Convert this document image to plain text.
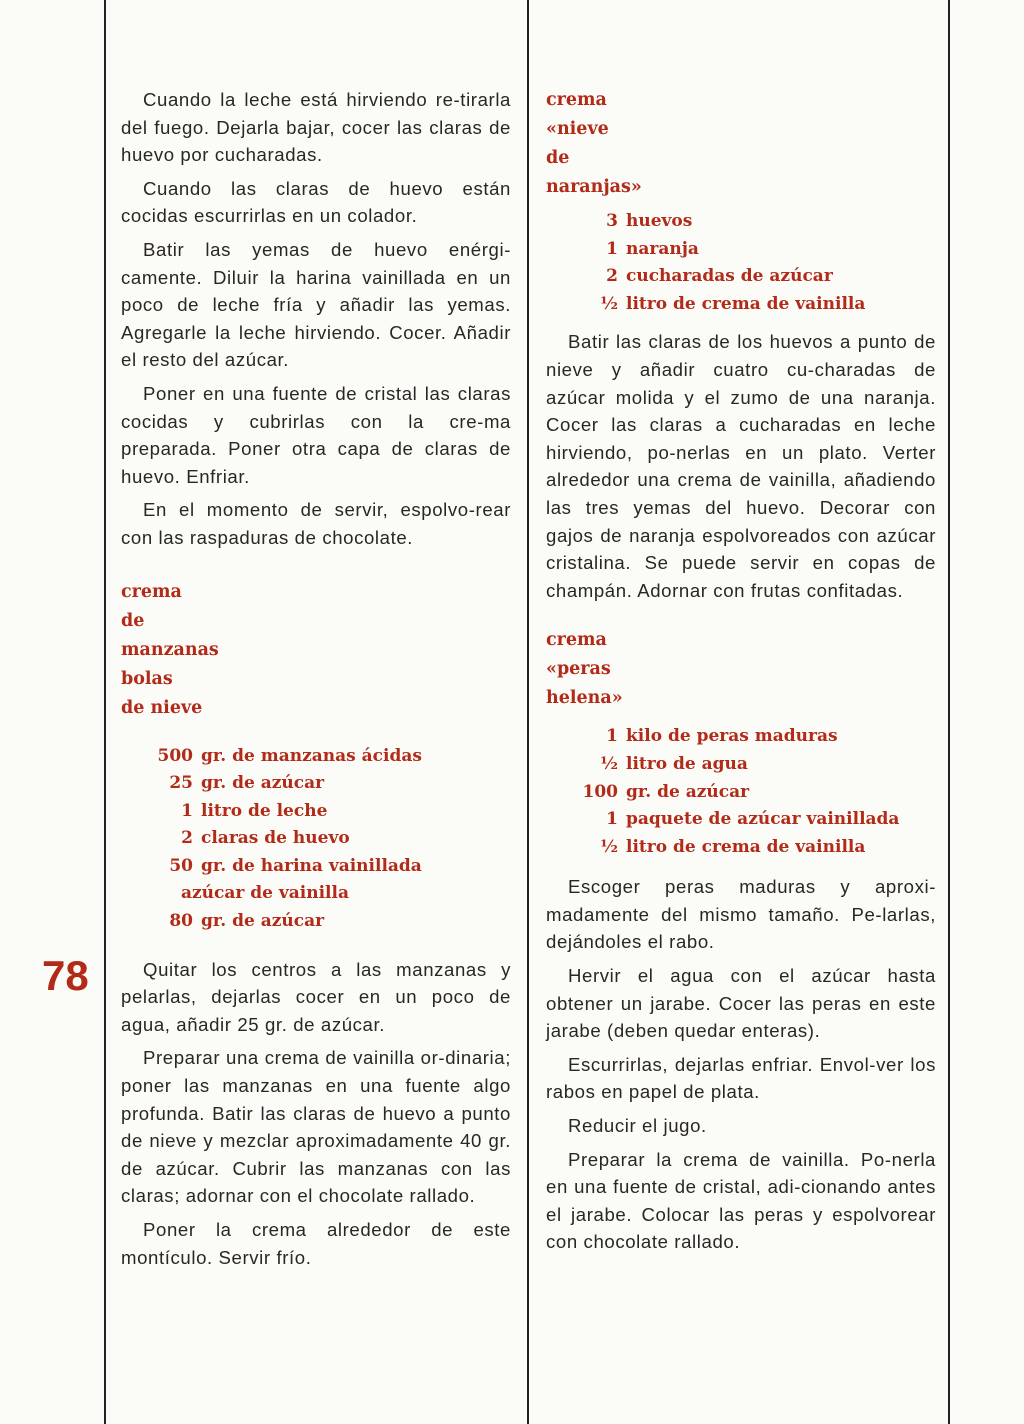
78

Cuando la leche está hirviendo re-tirarla del fuego. Dejarla bajar, cocer las claras de huevo por cucharadas.

Cuando las claras de huevo están cocidas escurrirlas en un colador.

Batir las yemas de huevo enérgi-camente. Diluir la harina vainillada en un poco de leche fría y añadir las yemas. Agregarle la leche hirviendo. Cocer. Añadir el resto del azúcar.

Poner en una fuente de cristal las claras cocidas y cubrirlas con la cre-ma preparada. Poner otra capa de claras de huevo. Enfriar.

En el momento de servir, espolvo-rear con las raspaduras de chocolate.

crema
de
manzanas
bolas
de nieve
500 gr. de manzanas ácidas
25 gr. de azúcar
1 litro de leche
2 claras de huevo
50 gr. de harina vainillada
azúcar de vainilla
80 gr. de azúcar

Quitar los centros a las manzanas y pelarlas, dejarlas cocer en un poco de agua, añadir 25 gr. de azúcar.

Preparar una crema de vainilla or-dinaria; poner las manzanas en una fuente algo profunda. Batir las claras de huevo a punto de nieve y mezclar aproximadamente 40 gr. de azúcar. Cubrir las manzanas con las claras; adornar con el chocolate rallado.

Poner la crema alrededor de este montículo. Servir frío.

crema
«nieve
de
naranjas»
3 huevos
1 naranja
2 cucharadas de azúcar
½ litro de crema de vainilla

Batir las claras de los huevos a punto de nieve y añadir cuatro cu-charadas de azúcar molida y el zumo de una naranja. Cocer las claras a cucharadas en leche hirviendo, po-nerlas en un plato. Verter alrededor una crema de vainilla, añadiendo las tres yemas del huevo. Decorar con gajos de naranja espolvoreados con azúcar cristalina. Se puede servir en copas de champán. Adornar con frutas confitadas.

crema
«peras
helena»
1 kilo de peras maduras
½ litro de agua
100 gr. de azúcar
1 paquete de azúcar vainillada
½ litro de crema de vainilla

Escoger peras maduras y aproxi-madamente del mismo tamaño. Pe-larlas, dejándoles el rabo.

Hervir el agua con el azúcar hasta obtener un jarabe. Cocer las peras en este jarabe (deben quedar enteras).

Escurrirlas, dejarlas enfriar. Envol-ver los rabos en papel de plata.

Reducir el jugo.

Preparar la crema de vainilla. Po-nerla en una fuente de cristal, adi-cionando antes el jarabe. Colocar las peras y espolvorear con chocolate rallado.
